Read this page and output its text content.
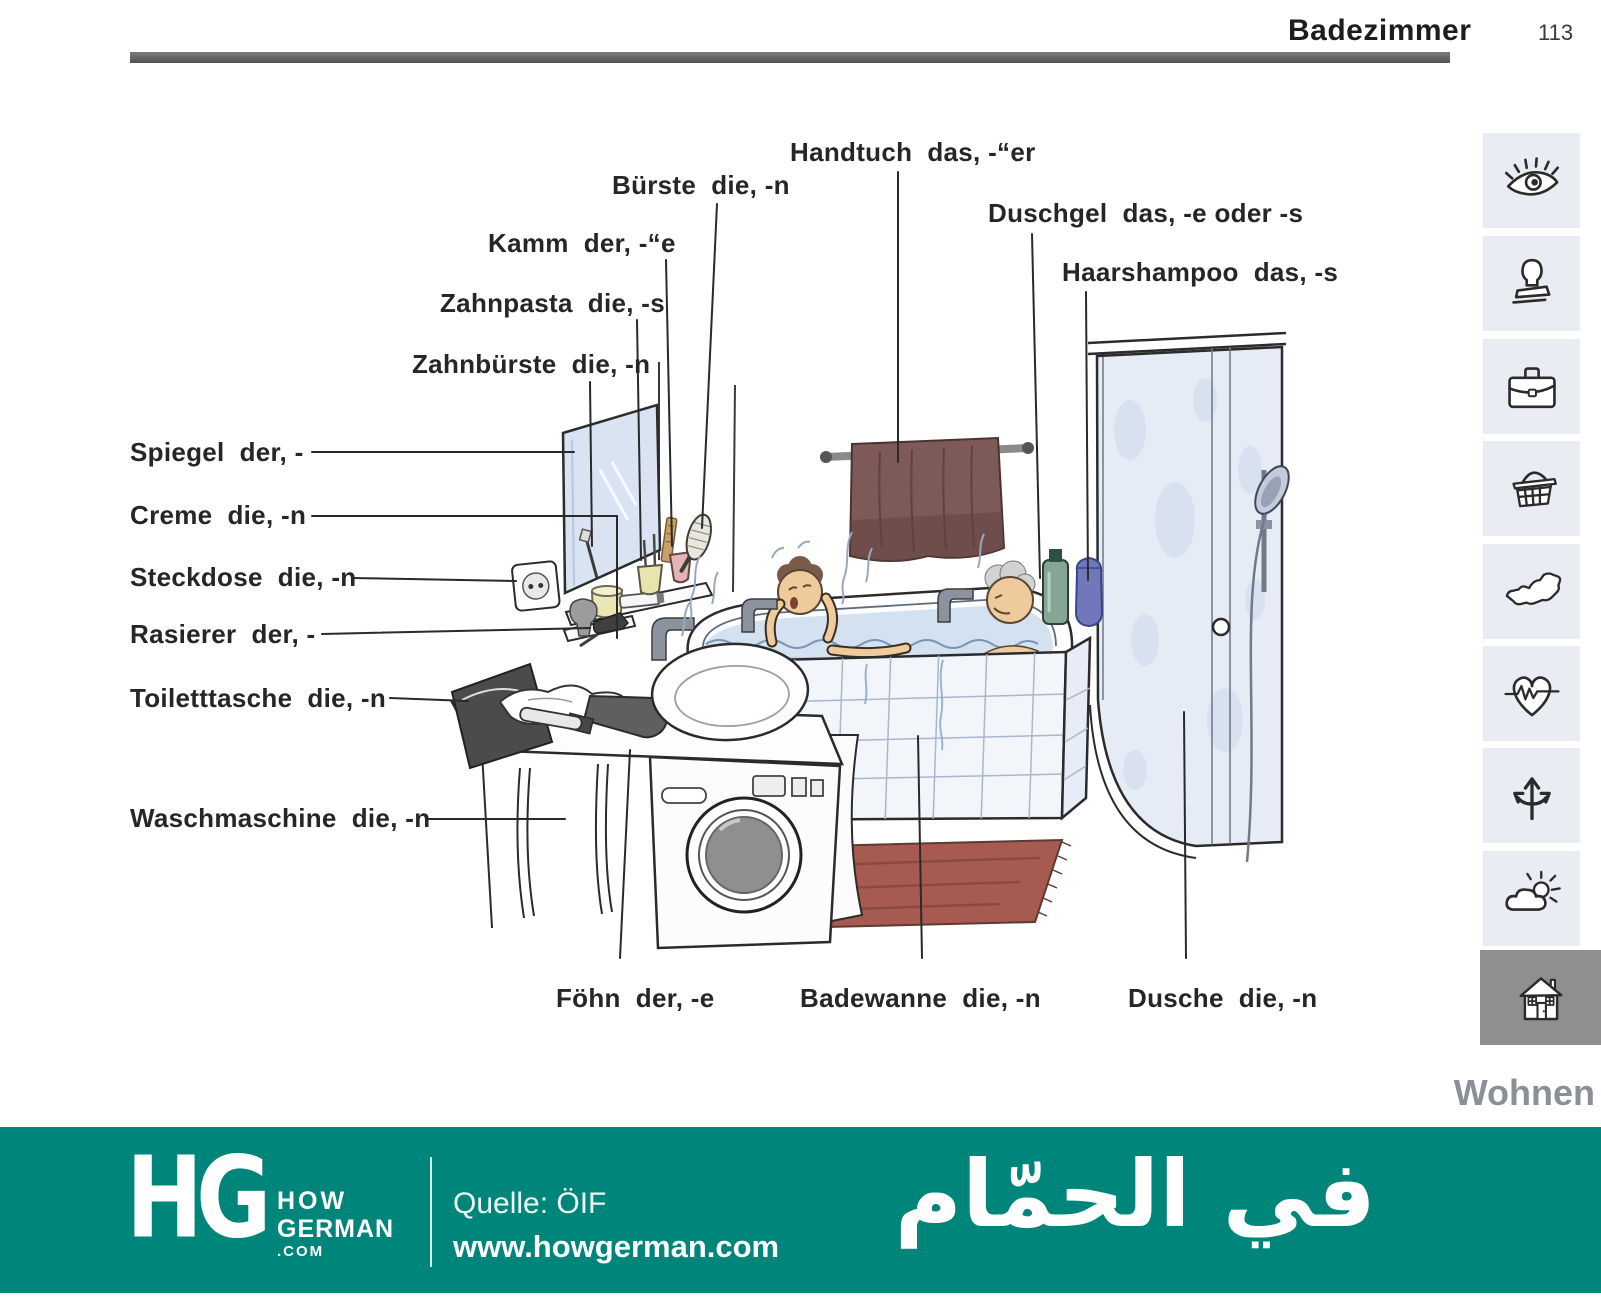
Badezimmer	113
Handtuch  das, -“er
Bürste  die, -n
Duschgel  das, -e oder -s
Kamm  der, -“e
Haarshampoo  das, -s
Zahnpasta  die, -s
Zahnbürste  die, -n
Spiegel  der, -
Creme  die, -n
Steckdose  die, -n
Rasierer  der, -
Toiletttasche  die, -n
Waschmaschine  die, -n
Föhn  der, -e	Badewanne  die, -n	Dusche  die, -n
Wohnen
HG HOW
GERMAN
.COM
Quelle: ÖIF
www.howgerman.com في الحمّام
